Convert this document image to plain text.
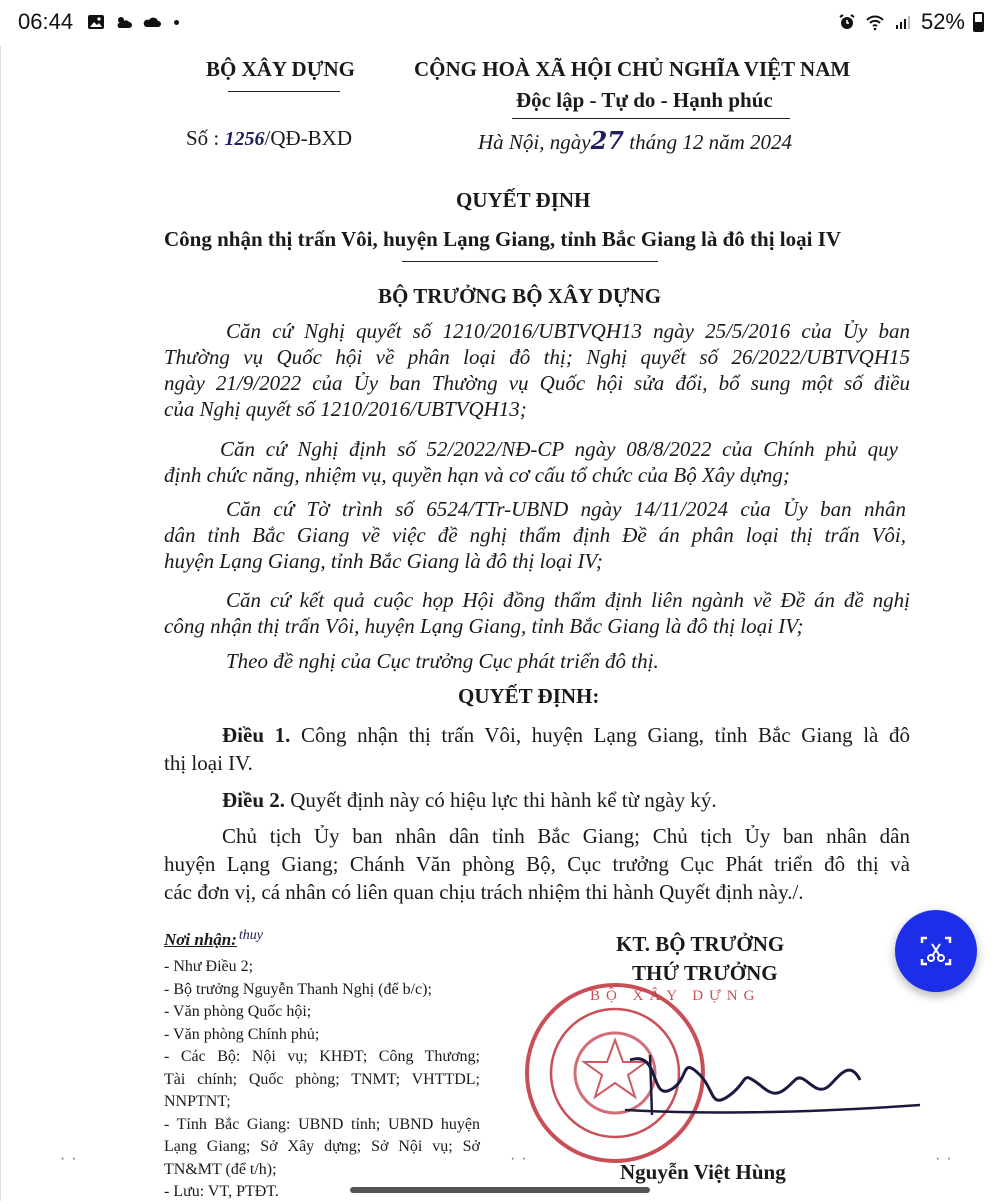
06:44	52%
BỘ XÂY DỰNG	CỘNG HOÀ XÃ HỘI CHỦ NGHĨA VIỆT NAM
Độc lập - Tự do - Hạnh phúc
Số : 1256/QĐ-BXD	Hà Nội, ngày27 tháng 12 năm 2024
QUYẾT ĐỊNH
Công nhận thị trấn Vôi, huyện Lạng Giang, tỉnh Bắc Giang là đô thị loại IV
BỘ TRƯỞNG BỘ XÂY DỰNG
Căn cứ Nghị quyết số 1210/2016/UBTVQH13 ngày 25/5/2016 của Ủy ban
Thường vụ Quốc hội về phân loại đô thị; Nghị quyết số 26/2022/UBTVQH15
ngày 21/9/2022 của Ủy ban Thường vụ Quốc hội sửa đổi, bổ sung một số điều
của Nghị quyết số 1210/2016/UBTVQH13;
Căn cứ Nghị định số 52/2022/NĐ-CP ngày 08/8/2022 của Chính phủ quy
định chức năng, nhiệm vụ, quyền hạn và cơ cấu tổ chức của Bộ Xây dựng;
Căn cứ Tờ trình số 6524/TTr-UBND ngày 14/11/2024 của Ủy ban nhân
dân tỉnh Bắc Giang về việc đề nghị thẩm định Đề án phân loại thị trấn Vôi,
huyện Lạng Giang, tỉnh Bắc Giang là đô thị loại IV;
Căn cứ kết quả cuộc họp Hội đồng thẩm định liên ngành về Đề án đề nghị
công nhận thị trấn Vôi, huyện Lạng Giang, tỉnh Bắc Giang là đô thị loại IV;
Theo đề nghị của Cục trưởng Cục phát triển đô thị.
QUYẾT ĐỊNH:
Điều 1. Công nhận thị trấn Vôi, huyện Lạng Giang, tỉnh Bắc Giang là đô
thị loại IV.
Điều 2. Quyết định này có hiệu lực thi hành kể từ ngày ký.
Chủ tịch Ủy ban nhân dân tỉnh Bắc Giang; Chủ tịch Ủy ban nhân dân
huyện Lạng Giang; Chánh Văn phòng Bộ, Cục trưởng Cục Phát triển đô thị và
các đơn vị, cá nhân có liên quan chịu trách nhiệm thi hành Quyết định này./.
Nơi nhận: thuy
- Như Điều 2;
- Bộ trưởng Nguyễn Thanh Nghị (để b/c);
- Văn phòng Quốc hội;
- Văn phòng Chính phủ;
- Các Bộ: Nội vụ; KHĐT; Công Thương;
Tài chính; Quốc phòng; TNMT; VHTTDL;
NNPTNT;
- Tỉnh Bắc Giang: UBND tỉnh; UBND huyện
Lạng Giang; Sở Xây dựng; Sở Nội vụ; Sở
TN&MT (để t/h);
- Lưu: VT, PTĐT.
KT. BỘ TRƯỞNG
THỨ TRƯỞNG
BỘ XÂY DỰNG
Nguyễn Việt Hùng
··	··	··
